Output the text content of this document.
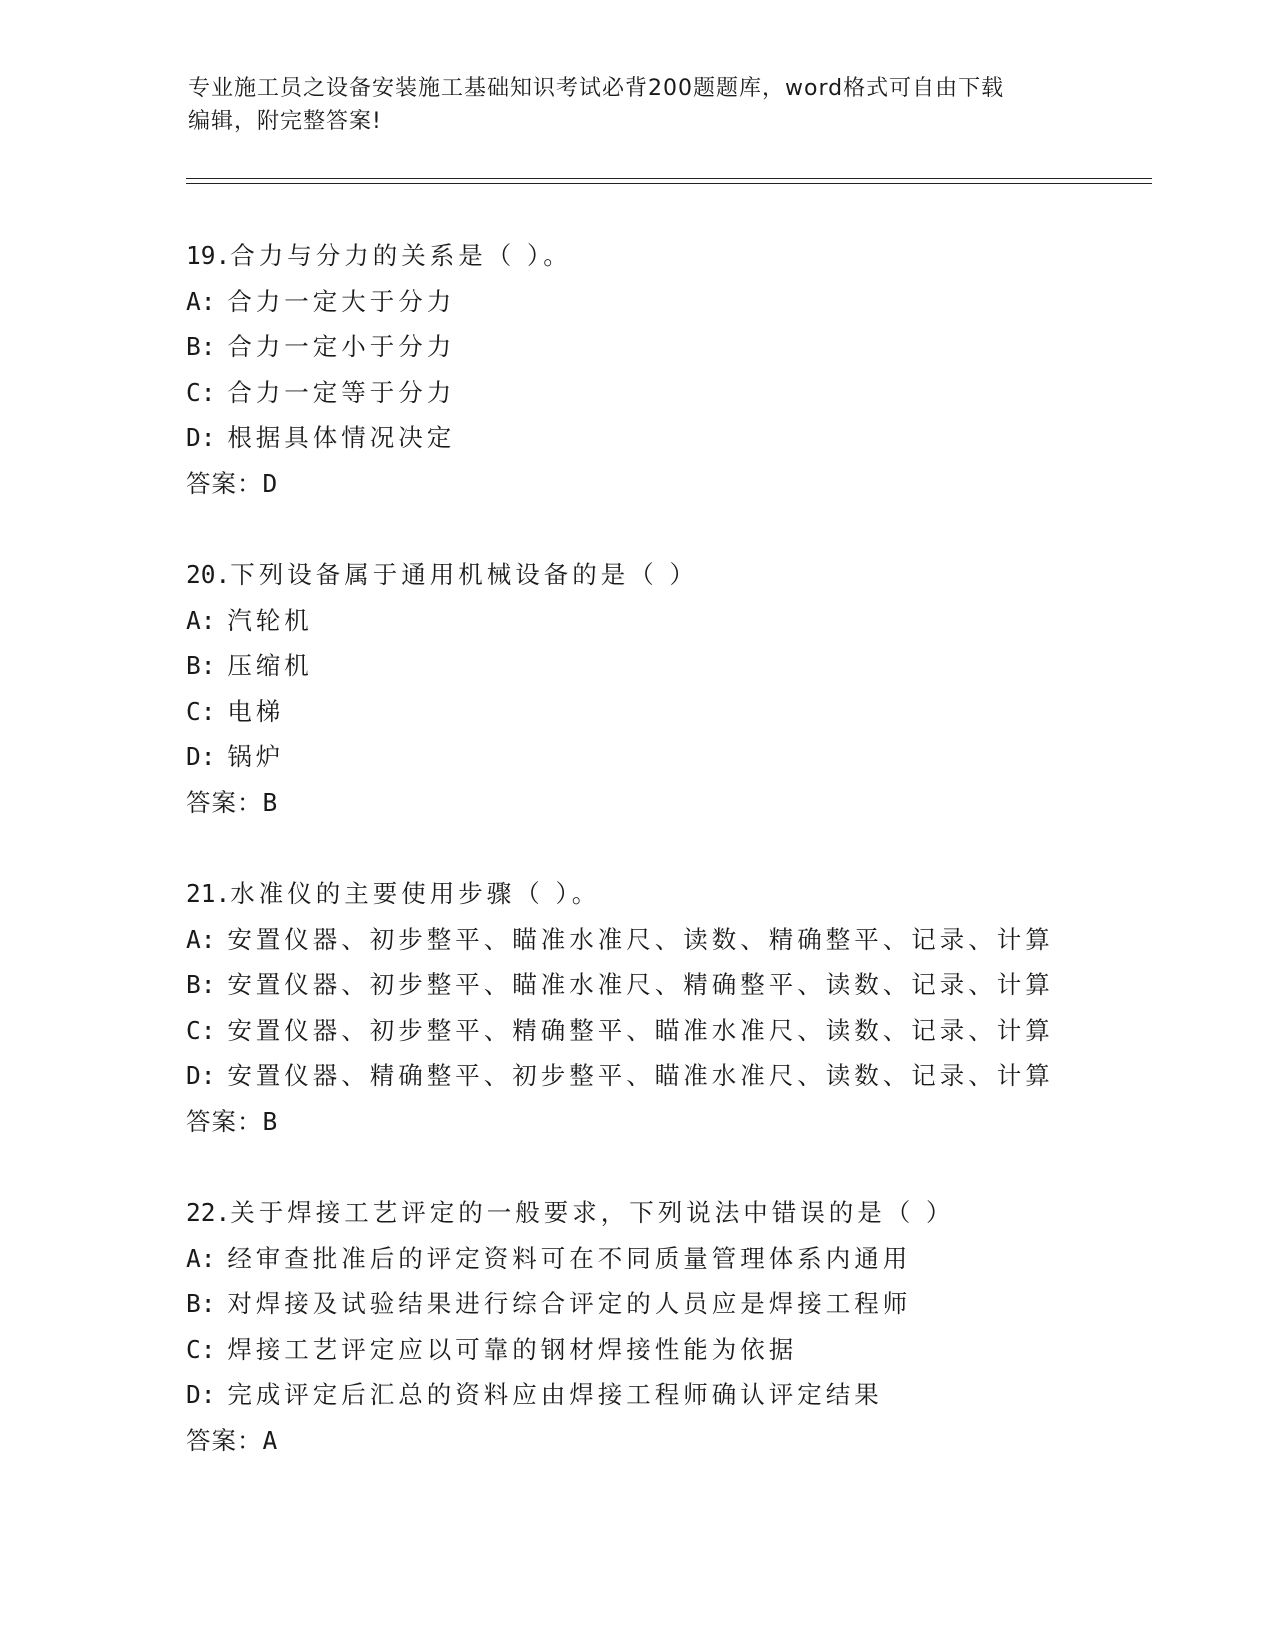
专业施工员之设备安装施工基础知识考试必背200题题库，word格式可自由下载
编辑，附完整答案!
19.合力与分力的关系是（ ）。
A: 合力一定大于分力
B: 合力一定小于分力
C: 合力一定等于分力
D: 根据具体情况决定
答案：D
20.下列设备属于通用机械设备的是（ ）
A: 汽轮机
B: 压缩机
C: 电梯
D: 锅炉
答案：B
21.水准仪的主要使用步骤（ ）。
A: 安置仪器、初步整平、瞄准水准尺、读数、精确整平、记录、计算
B: 安置仪器、初步整平、瞄准水准尺、精确整平、读数、记录、计算
C: 安置仪器、初步整平、精确整平、瞄准水准尺、读数、记录、计算
D: 安置仪器、精确整平、初步整平、瞄准水准尺、读数、记录、计算
答案：B
22.关于焊接工艺评定的一般要求，下列说法中错误的是（ ）
A: 经审查批准后的评定资料可在不同质量管理体系内通用
B: 对焊接及试验结果进行综合评定的人员应是焊接工程师
C: 焊接工艺评定应以可靠的钢材焊接性能为依据
D: 完成评定后汇总的资料应由焊接工程师确认评定结果
答案：A
